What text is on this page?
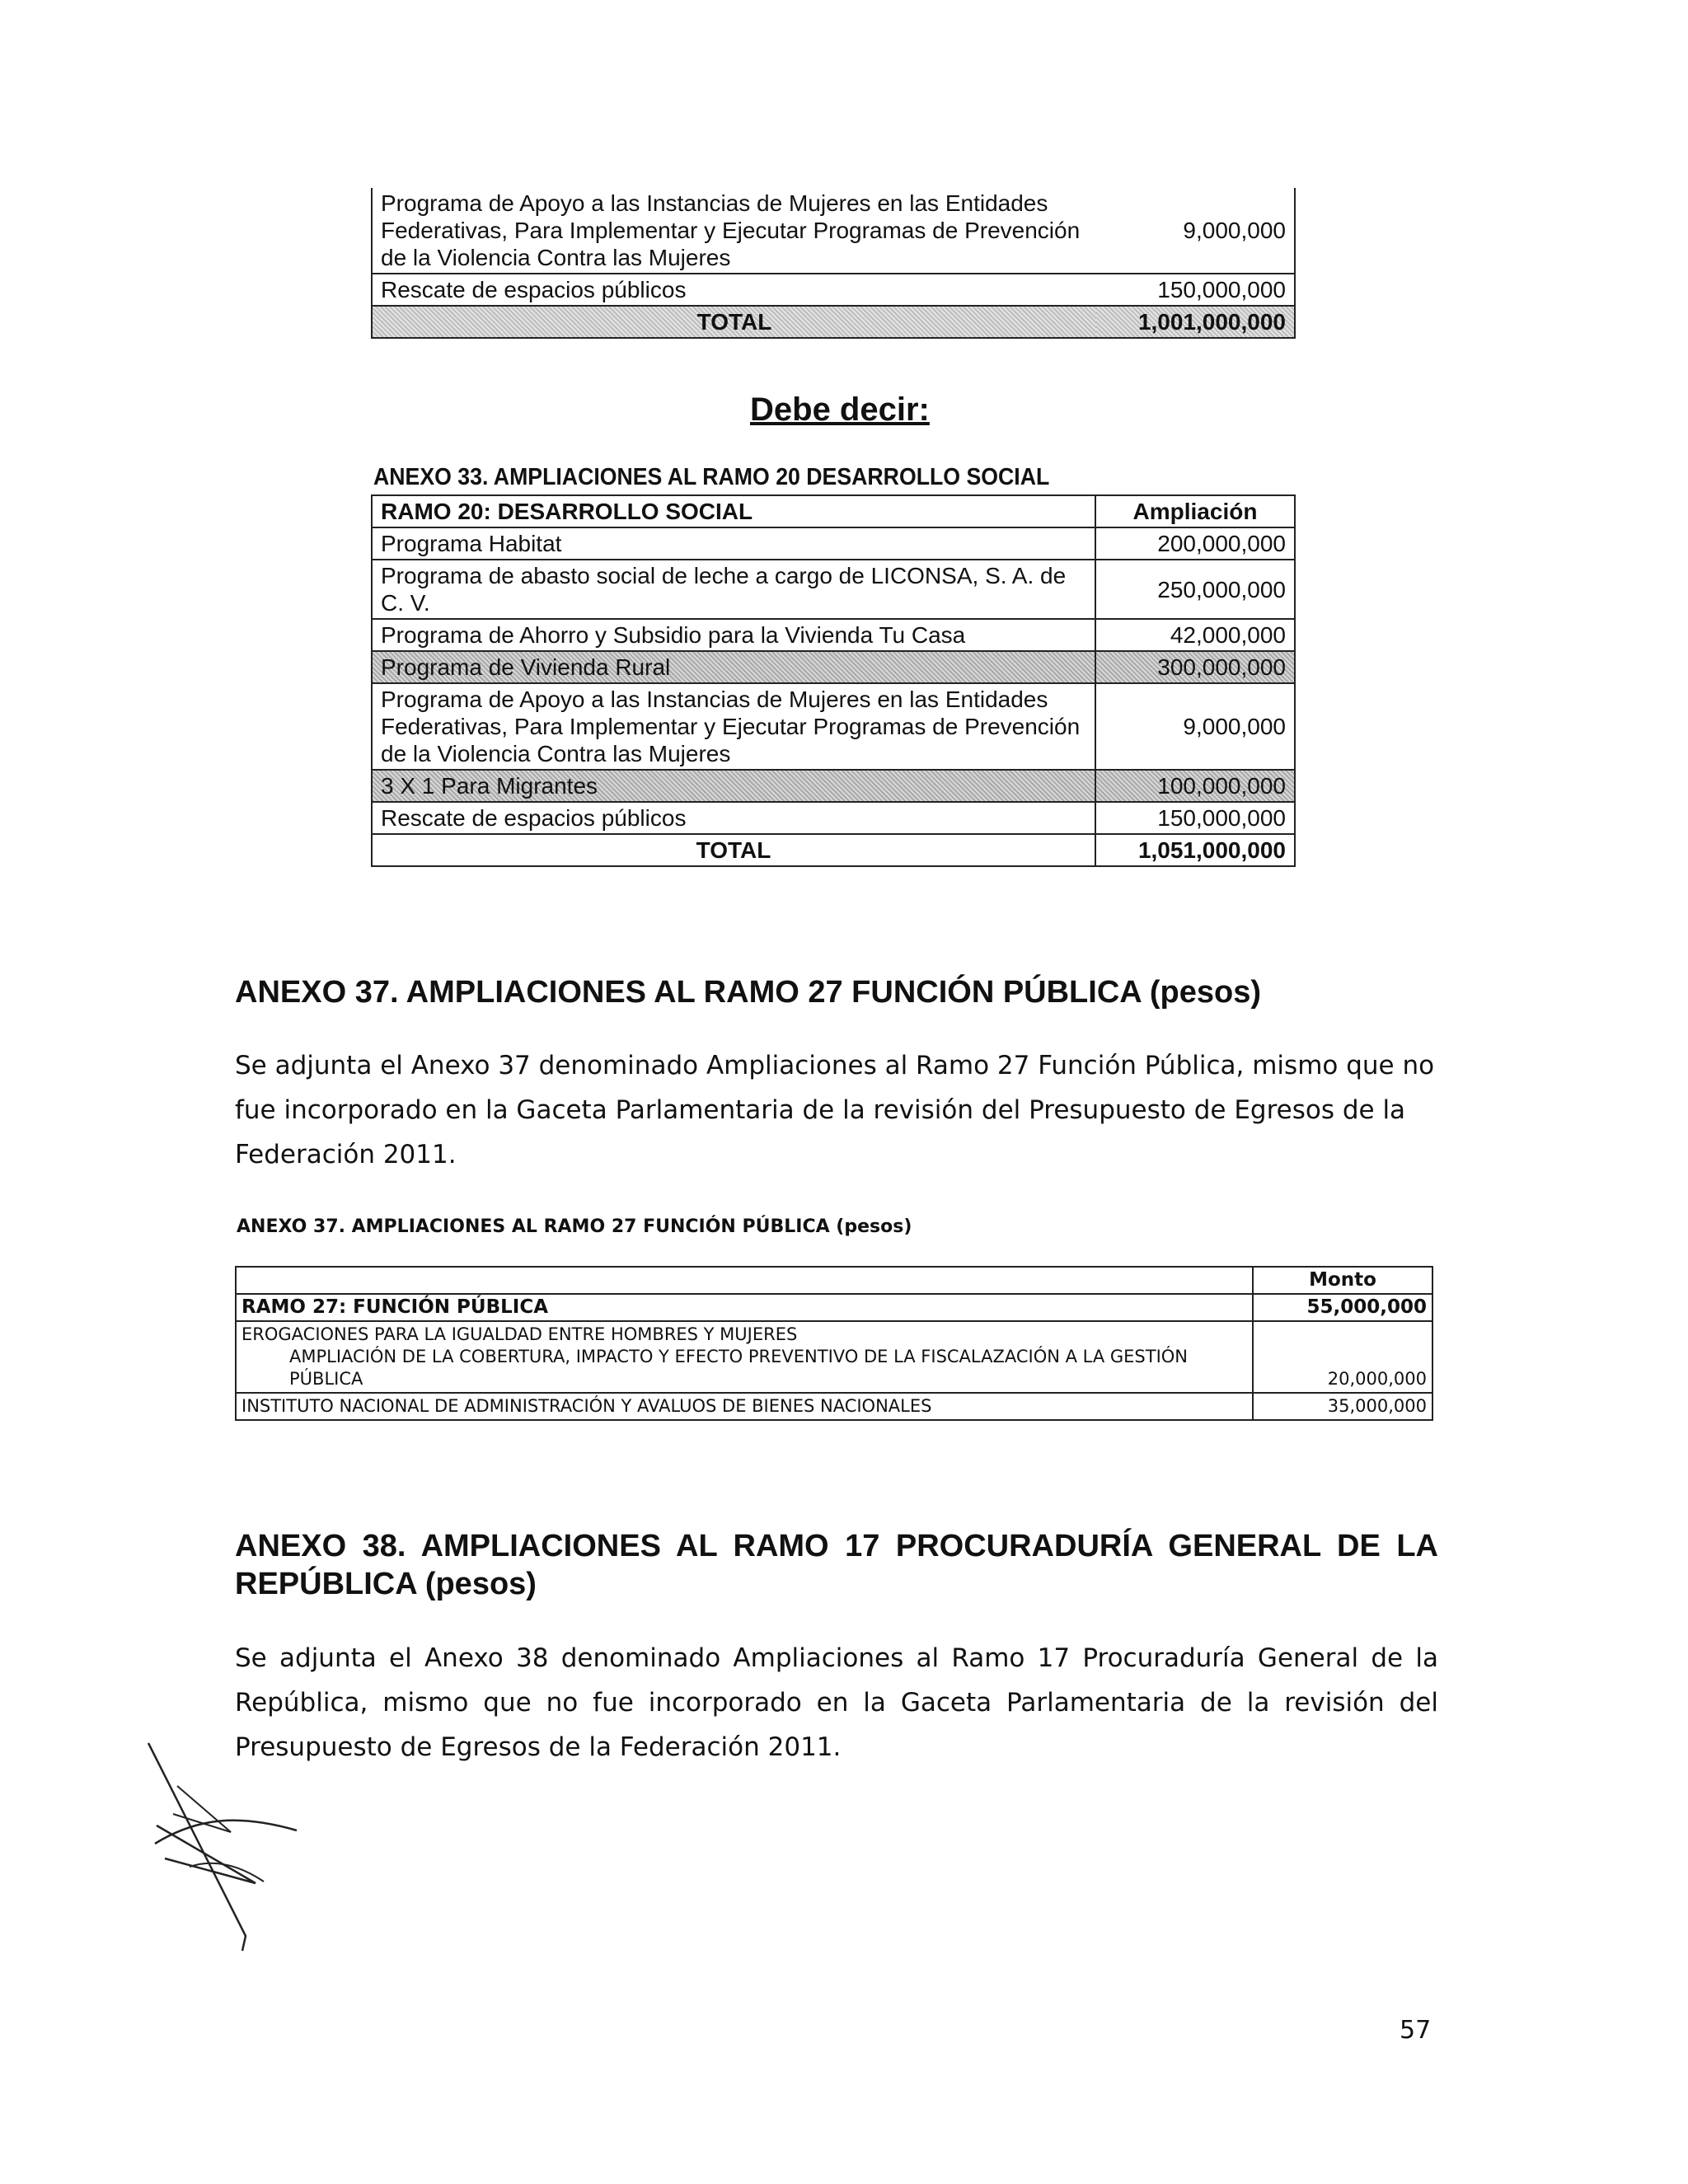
Programa de Apoyo a las Instancias de Mujeres en las Entidades Federativas, Para Implementar y Ejecutar Programas de Prevención de la Violencia Contra las Mujeres	9,000,000
Rescate de espacios públicos	150,000,000
TOTAL	1,001,000,000
Debe decir:
ANEXO 33. AMPLIACIONES AL RAMO 20 DESARROLLO SOCIAL
RAMO 20: DESARROLLO SOCIAL	Ampliación
Programa Habitat	200,000,000
Programa de abasto social de leche a cargo de LICONSA, S. A. de C. V.	250,000,000
Programa de Ahorro y Subsidio para la Vivienda Tu Casa	42,000,000
Programa de Vivienda Rural	300,000,000
Programa de Apoyo a las Instancias de Mujeres en las Entidades Federativas, Para Implementar y Ejecutar Programas de Prevención de la Violencia Contra las Mujeres	9,000,000
3 X 1 Para Migrantes	100,000,000
Rescate de espacios públicos	150,000,000
TOTAL	1,051,000,000
ANEXO 37. AMPLIACIONES AL RAMO 27 FUNCIÓN PÚBLICA (pesos)
Se adjunta el Anexo 37 denominado Ampliaciones al Ramo 27 Función Pública, mismo que no fue incorporado en la Gaceta Parlamentaria de la revisión del Presupuesto de Egresos de la Federación 2011.
ANEXO 37. AMPLIACIONES AL RAMO 27 FUNCIÓN PÚBLICA (pesos)
	Monto
RAMO 27: FUNCIÓN PÚBLICA	55,000,000

EROGACIONES PARA LA IGUALDAD ENTRE HOMBRES Y MUJERES
AMPLIACIÓN DE LA COBERTURA, IMPACTO Y EFECTO PREVENTIVO DE LA FISCALAZACIÓN A LA GESTIÓN PÚBLICA	20,000,000
INSTITUTO NACIONAL DE ADMINISTRACIÓN Y AVALUOS DE BIENES NACIONALES	35,000,000
ANEXO 38. AMPLIACIONES AL RAMO 17 PROCURADURÍA GENERAL DE LA REPÚBLICA (pesos)
Se adjunta el Anexo 38 denominado Ampliaciones al Ramo 17 Procuraduría General de la República, mismo que no fue incorporado en la Gaceta Parlamentaria de la revisión del Presupuesto de Egresos de la Federación 2011.
57
